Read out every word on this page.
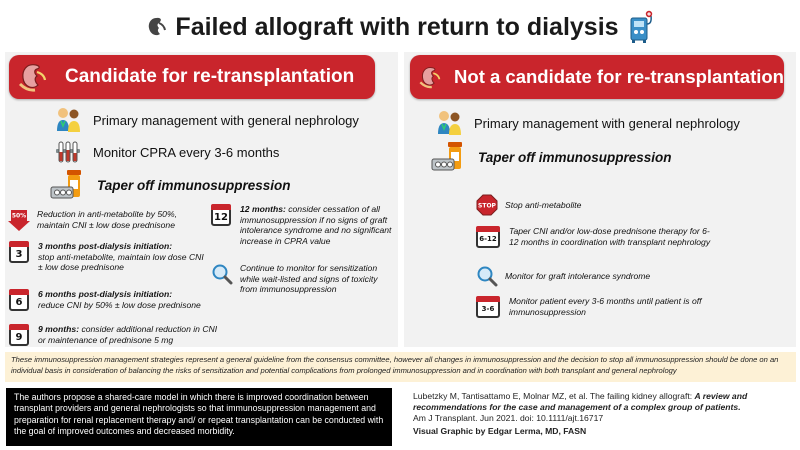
Failed allograft with return to dialysis
Candidate for re-transplantation
Primary management with general nephrology
Monitor CPRA every 3-6 months
Taper off immunosuppression
50% Reduction in anti-metabolite by 50%, maintain CNI ± low dose prednisone
3
3 months post-dialysis initiation:
stop anti-metabolite, maintain low dose CNI ± low dose prednisone
6
6 months post-dialysis initiation:
reduce CNI by 50% ± low dose prednisone
9
9 months: consider additional reduction in CNI or maintenance of prednisone 5 mg
12
12 months: consider cessation of all immunosuppression if no signs of graft intolerance syndrome and no significant increase in CPRA value
Continue to monitor for sensitization while wait-listed and signs of toxicity from immunosuppression
Not a candidate for re-transplantation
Primary management with general nephrology
Taper off immunosuppression
STOP Stop anti-metabolite
6-12
Taper CNI and/or low-dose prednisone therapy for 6-12 months in coordination with transplant nephrology
Monitor for graft intolerance syndrome
3-6
Monitor patient every 3-6 months until patient is off immunosuppression

These immunosuppression management strategies represent a general guideline from the consensus committee, however all changes in immunosuppression and the decision to stop all immunosuppression should be done on an individual basis in consideration of balancing the risks of sensitization and potential complications from prolonged immunosuppression and in coordination with both transplant and general nephrology

The authors propose a shared-care model in which there is improved coordination between transplant providers and general nephrologists so that immunosuppression management and preparation for renal replacement therapy and/ or repeat transplantation can be conducted with the goal of improved outcomes and decreased morbidity.

Lubetzky M, Tantisattamo E, Molnar MZ, et al. The failing kidney allograft: A review and recommendations for the case and management of a complex group of patients.

Am J Transplant. Jun 2021. doi: 10.1111/ajt.16717

Visual Graphic by Edgar Lerma, MD, FASN
